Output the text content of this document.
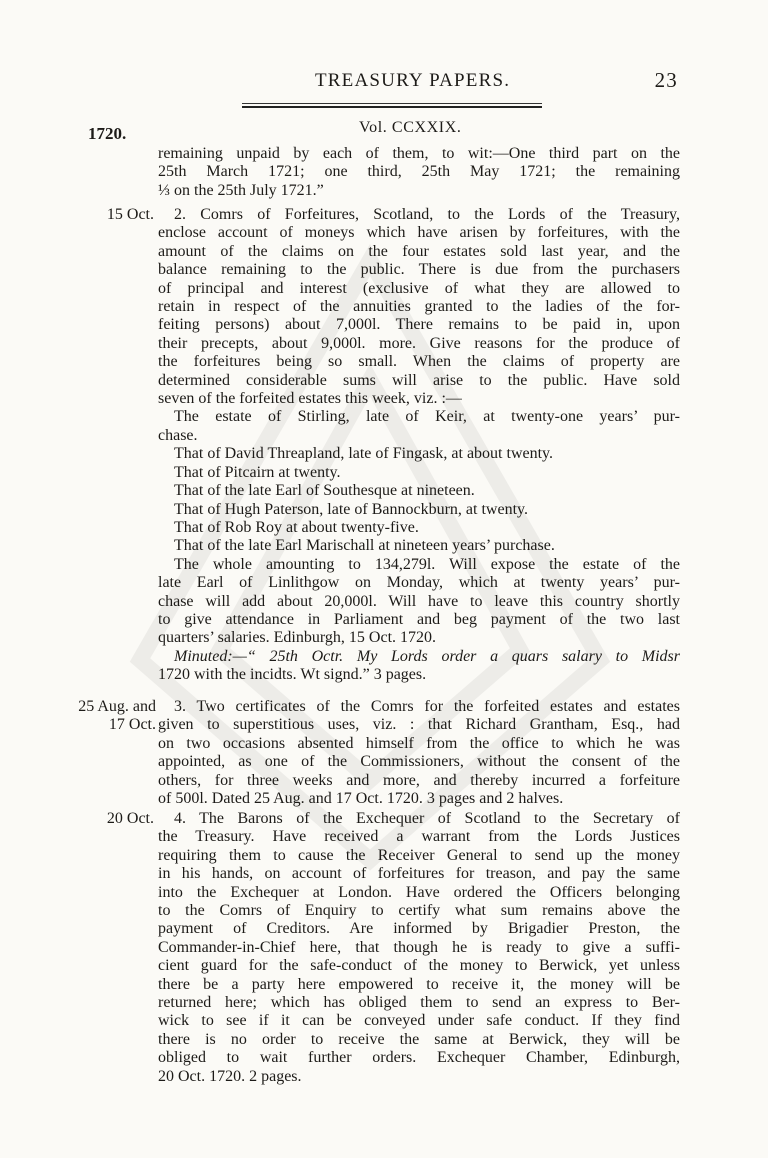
TREASURY PAPERS.	23
1720.	Vol. CCXXIX.
remaining unpaid by each of them, to wit:—One third part on the
25th March 1721; one third, 25th May 1721; the remaining
⅓ on the 25th July 1721.”
15 Oct.	2. Comrs of Forfeitures, Scotland, to the Lords of the Treasury,
enclose account of moneys which have arisen by forfeitures, with the
amount of the claims on the four estates sold last year, and the
balance remaining to the public. There is due from the purchasers
of principal and interest (exclusive of what they are allowed to
retain in respect of the annuities granted to the ladies of the for-
feiting persons) about 7,000l. There remains to be paid in, upon
their precepts, about 9,000l. more. Give reasons for the produce of
the forfeitures being so small. When the claims of property are
determined considerable sums will arise to the public. Have sold
seven of the forfeited estates this week, viz. :—
The estate of Stirling, late of Keir, at twenty-one years’ pur-
chase.
That of David Threapland, late of Fingask, at about twenty.
That of Pitcairn at twenty.
That of the late Earl of Southesque at nineteen.
That of Hugh Paterson, late of Bannockburn, at twenty.
That of Rob Roy at about twenty-five.
That of the late Earl Marischall at nineteen years’ purchase.
The whole amounting to 134,279l. Will expose the estate of the
late Earl of Linlithgow on Monday, which at twenty years’ pur-
chase will add about 20,000l. Will have to leave this country shortly
to give attendance in Parliament and beg payment of the two last
quarters’ salaries. Edinburgh, 15 Oct. 1720.
Minuted:—“ 25th Octr. My Lords order a quars salary to Midsr
1720 with the incidts. Wt signd.” 3 pages.
25 Aug. and
17 Oct.
3. Two certificates of the Comrs for the forfeited estates and estates
given to superstitious uses, viz. : that Richard Grantham, Esq., had
on two occasions absented himself from the office to which he was
appointed, as one of the Commissioners, without the consent of the
others, for three weeks and more, and thereby incurred a forfeiture
of 500l. Dated 25 Aug. and 17 Oct. 1720. 3 pages and 2 halves.
20 Oct.	4. The Barons of the Exchequer of Scotland to the Secretary of
the Treasury. Have received a warrant from the Lords Justices
requiring them to cause the Receiver General to send up the money
in his hands, on account of forfeitures for treason, and pay the same
into the Exchequer at London. Have ordered the Officers belonging
to the Comrs of Enquiry to certify what sum remains above the
payment of Creditors. Are informed by Brigadier Preston, the
Commander-in-Chief here, that though he is ready to give a suffi-
cient guard for the safe-conduct of the money to Berwick, yet unless
there be a party here empowered to receive it, the money will be
returned here; which has obliged them to send an express to Ber-
wick to see if it can be conveyed under safe conduct. If they find
there is no order to receive the same at Berwick, they will be
obliged to wait further orders. Exchequer Chamber, Edinburgh,
20 Oct. 1720. 2 pages.
